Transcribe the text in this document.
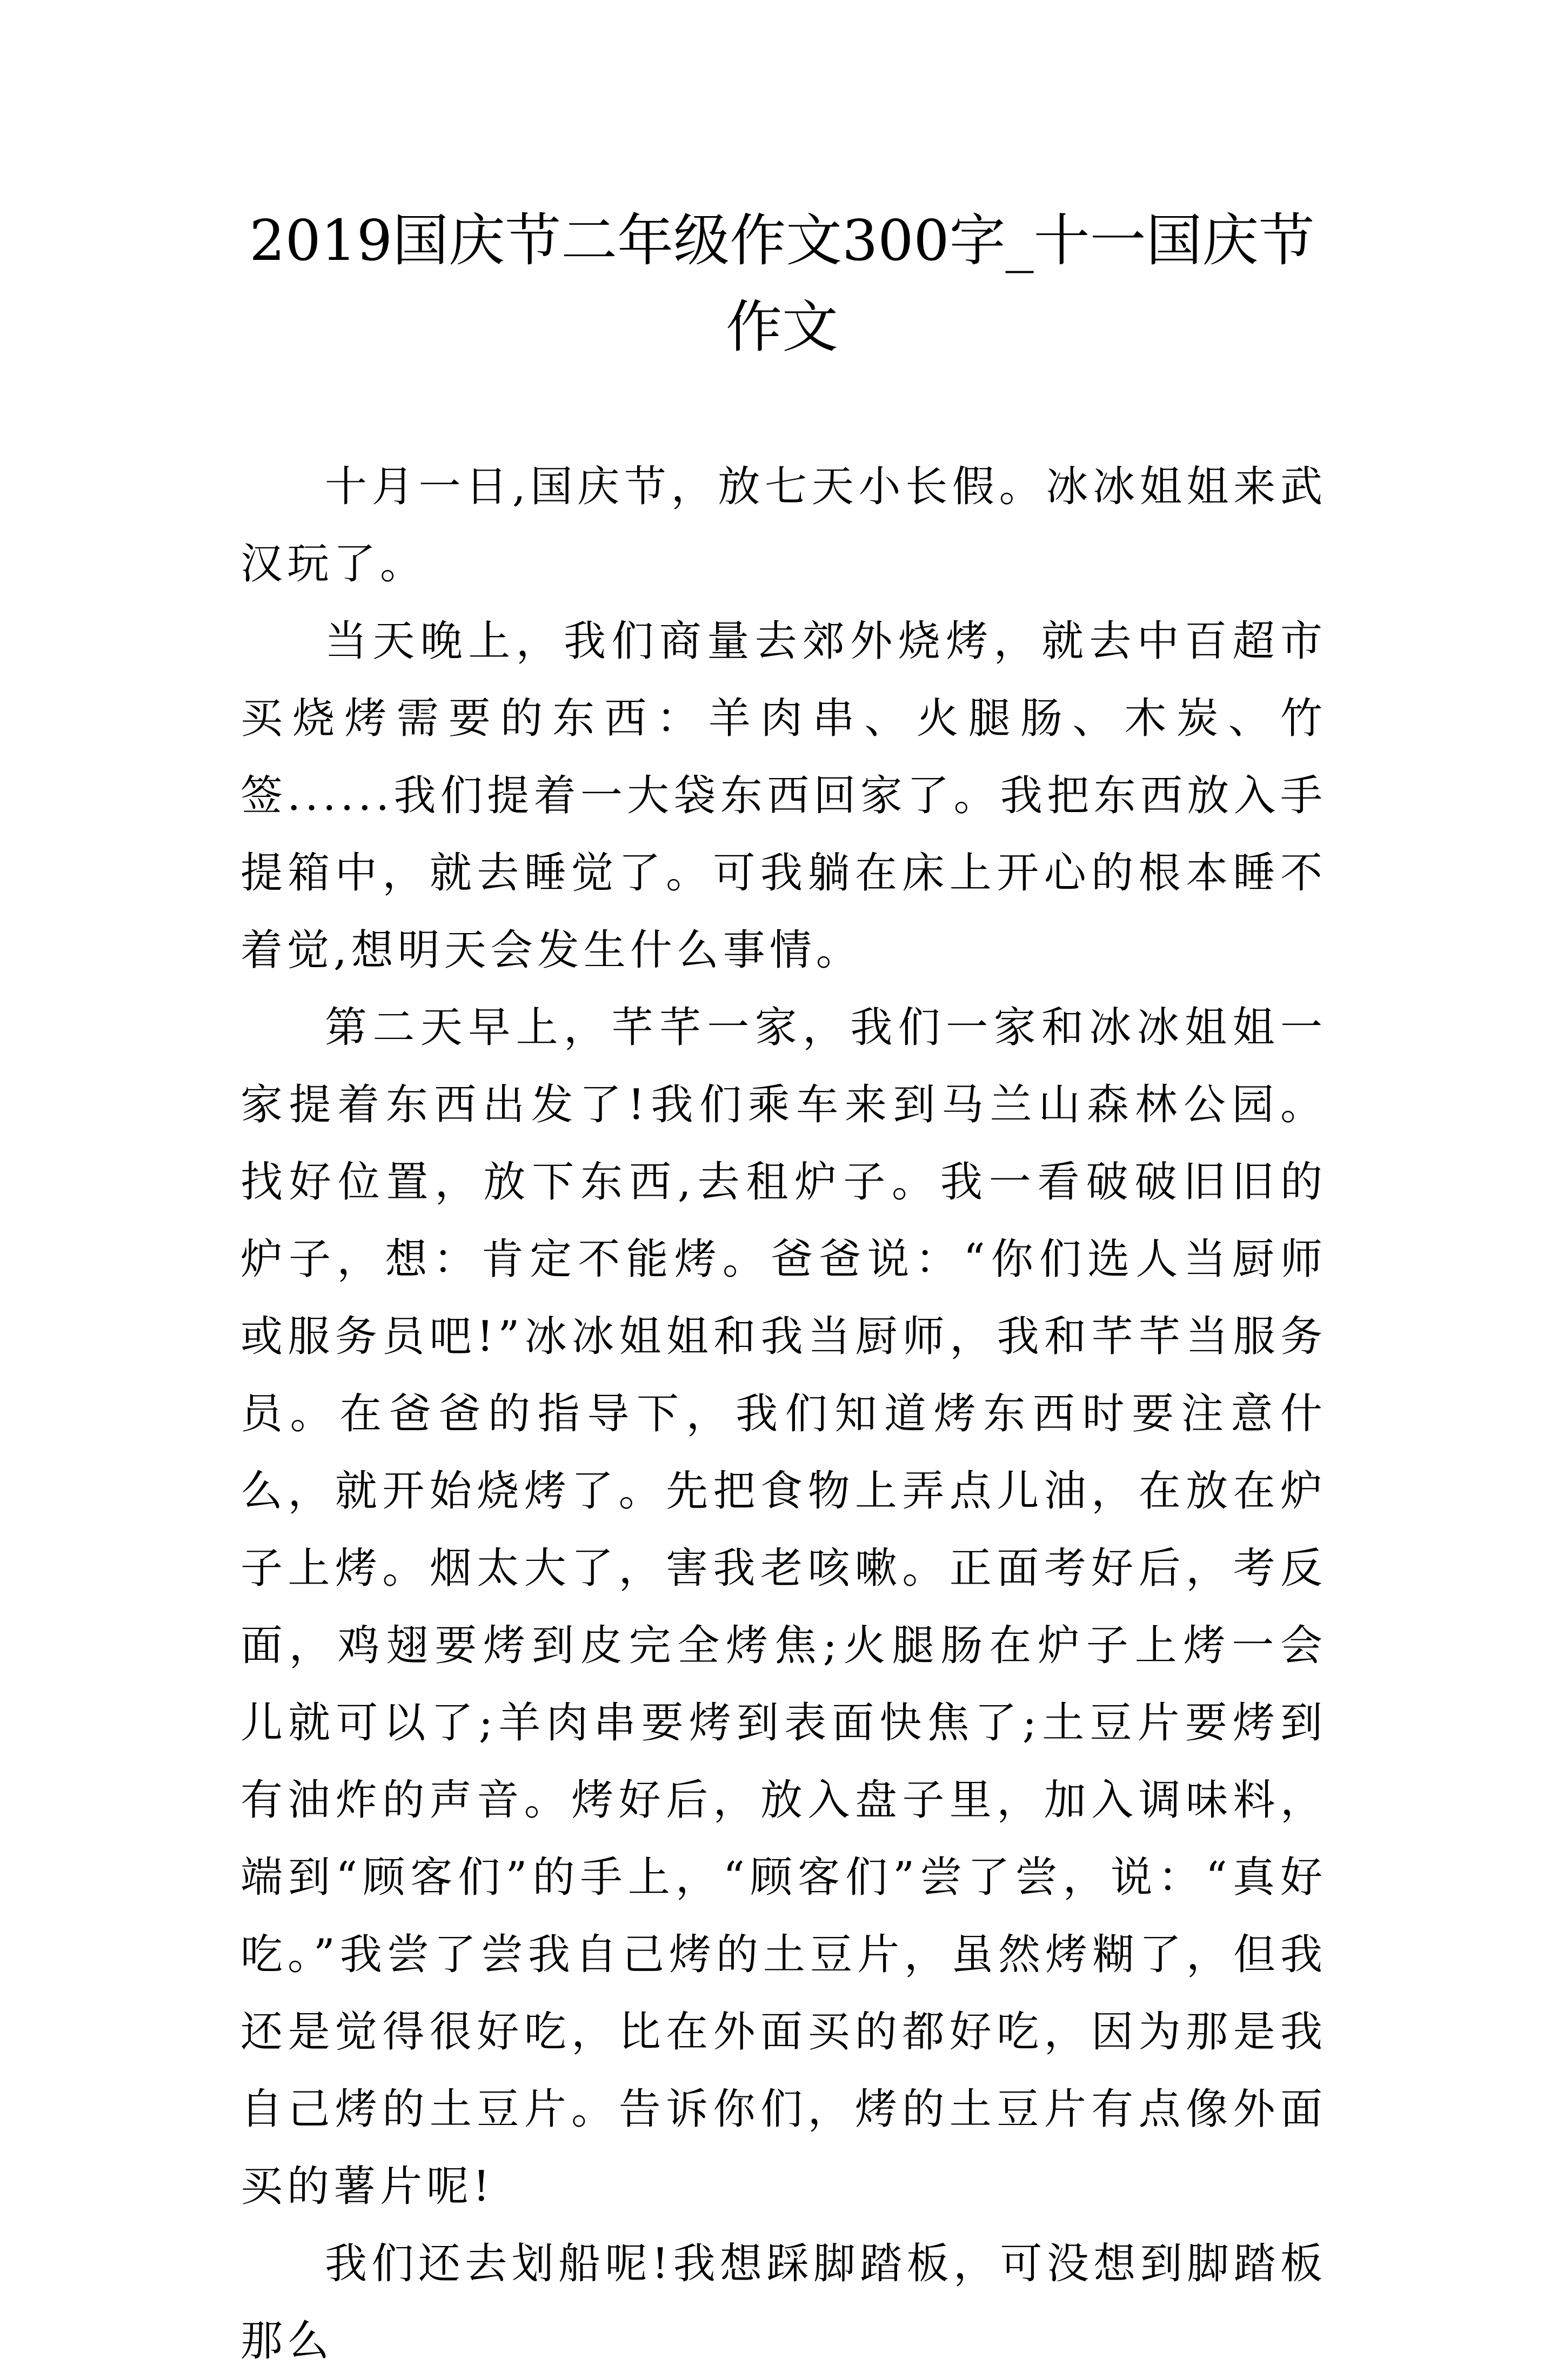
2019国庆节二年级作文300字_十一国庆节作文

十月一日,国庆节，放七天小长假。冰冰姐姐来武汉玩了。

当天晚上，我们商量去郊外烧烤，就去中百超市买烧烤需要的东西：羊肉串、火腿肠、木炭、竹签......我们提着一大袋东西回家了。我把东西放入手提箱中，就去睡觉了。可我躺在床上开心的根本睡不着觉,想明天会发生什么事情。

第二天早上，芊芊一家，我们一家和冰冰姐姐一家提着东西出发了!我们乘车来到马兰山森林公园。找好位置，放下东西,去租炉子。我一看破破旧旧的炉子，想：肯定不能烤。爸爸说：“你们选人当厨师或服务员吧!”冰冰姐姐和我当厨师，我和芊芊当服务员。在爸爸的指导下，我们知道烤东西时要注意什么，就开始烧烤了。先把食物上弄点儿油，在放在炉子上烤。烟太大了，害我老咳嗽。正面考好后，考反面，鸡翅要烤到皮完全烤焦;火腿肠在炉子上烤一会儿就可以了;羊肉串要烤到表面快焦了;土豆片要烤到有油炸的声音。烤好后，放入盘子里，加入调味料，端到“顾客们”的手上，“顾客们”尝了尝，说：“真好吃。”我尝了尝我自己烤的土豆片，虽然烤糊了，但我还是觉得很好吃，比在外面买的都好吃，因为那是我自己烤的土豆片。告诉你们，烤的土豆片有点像外面买的薯片呢!

我们还去划船呢!我想踩脚踏板，可没想到脚踏板那么
